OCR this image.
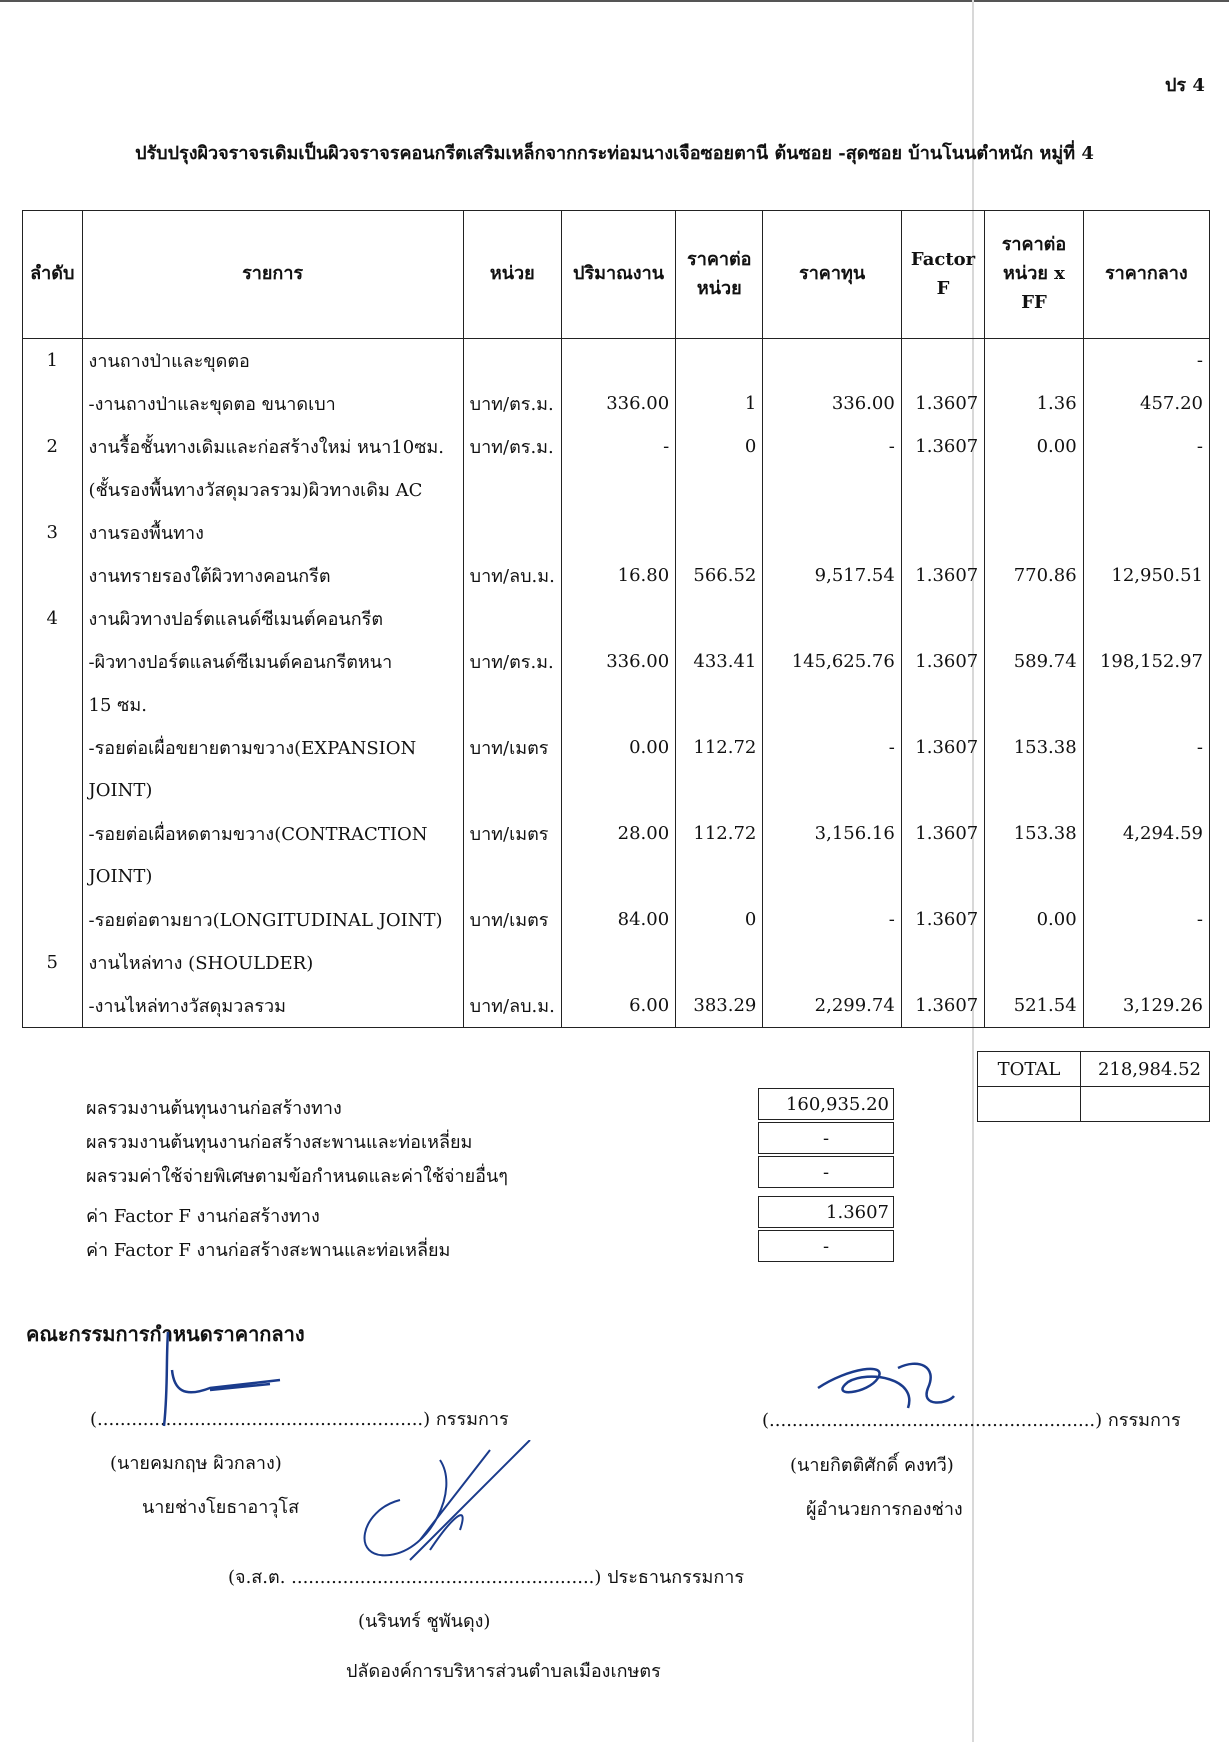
ปร 4
ปรับปรุงผิวจราจรเดิมเป็นผิวจราจรคอนกรีตเสริมเหล็กจากกระท่อมนางเจือซอยตานี ต้นซอย -สุดซอย บ้านโนนตำหนัก หมู่ที่ 4
ลำดับ	รายการ	หน่วย	ปริมาณงาน	ราคาต่อ หน่วย	ราคาทุน	Factor F	ราคาต่อ หน่วย x FF	ราคากลาง
1	งานถางป่าและขุดตอ							-
	-งานถางป่าและขุดตอ ขนาดเบา	บาท/ตร.ม.	336.00	1	336.00	1.3607	1.36	457.20
2	งานรื้อชั้นทางเดิมและก่อสร้างใหม่ หนา10ซม.	บาท/ตร.ม.	-	0	-	1.3607	0.00	-
	(ชั้นรองพื้นทางวัสดุมวลรวม)ผิวทางเดิม AC							
3	งานรองพื้นทาง							
	งานทรายรองใต้ผิวทางคอนกรีต	บาท/ลบ.ม.	16.80	566.52	9,517.54	1.3607	770.86	12,950.51
4	งานผิวทางปอร์ตแลนด์ซีเมนต์คอนกรีต							
	-ผิวทางปอร์ตแลนด์ซีเมนต์คอนกรีตหนา	บาท/ตร.ม.	336.00	433.41	145,625.76	1.3607	589.74	198,152.97
	15 ซม.							
	-รอยต่อเผื่อขยายตามขวาง(EXPANSION	บาท/เมตร	0.00	112.72	-	1.3607	153.38	-
	JOINT)							
	-รอยต่อเผื่อหดตามขวาง(CONTRACTION	บาท/เมตร	28.00	112.72	3,156.16	1.3607	153.38	4,294.59
	JOINT)							
	-รอยต่อตามยาว(LONGITUDINAL JOINT)	บาท/เมตร	84.00	0	-	1.3607	0.00	-
5	งานไหล่ทาง (SHOULDER)							
	-งานไหล่ทางวัสดุมวลรวม	บาท/ลบ.ม.	6.00	383.29	2,299.74	1.3607	521.54	3,129.26
TOTAL	218,984.52

ผลรวมงานต้นทุนงานก่อสร้างทาง	160,935.20
ผลรวมงานต้นทุนงานก่อสร้างสะพานและท่อเหลี่ยม	-
ผลรวมค่าใช้จ่ายพิเศษตามข้อกำหนดและค่าใช้จ่ายอื่นๆ	-
ค่า Factor F งานก่อสร้างทาง	1.3607
ค่า Factor F งานก่อสร้างสะพานและท่อเหลี่ยม	-
คณะกรรมการกำหนดราคากลาง
(.........................................................) กรรมการ
(นายคมกฤษ ผิวกลาง)
นายช่างโยธาอาวุโส
(.........................................................) กรรมการ
(นายกิตติศักดิ์ คงทวี)
ผู้อำนวยการกองช่าง
(จ.ส.ต. .....................................................) ประธานกรรมการ
(นรินทร์ ชูพันดุง)
ปลัดองค์การบริหารส่วนตำบลเมืองเกษตร
